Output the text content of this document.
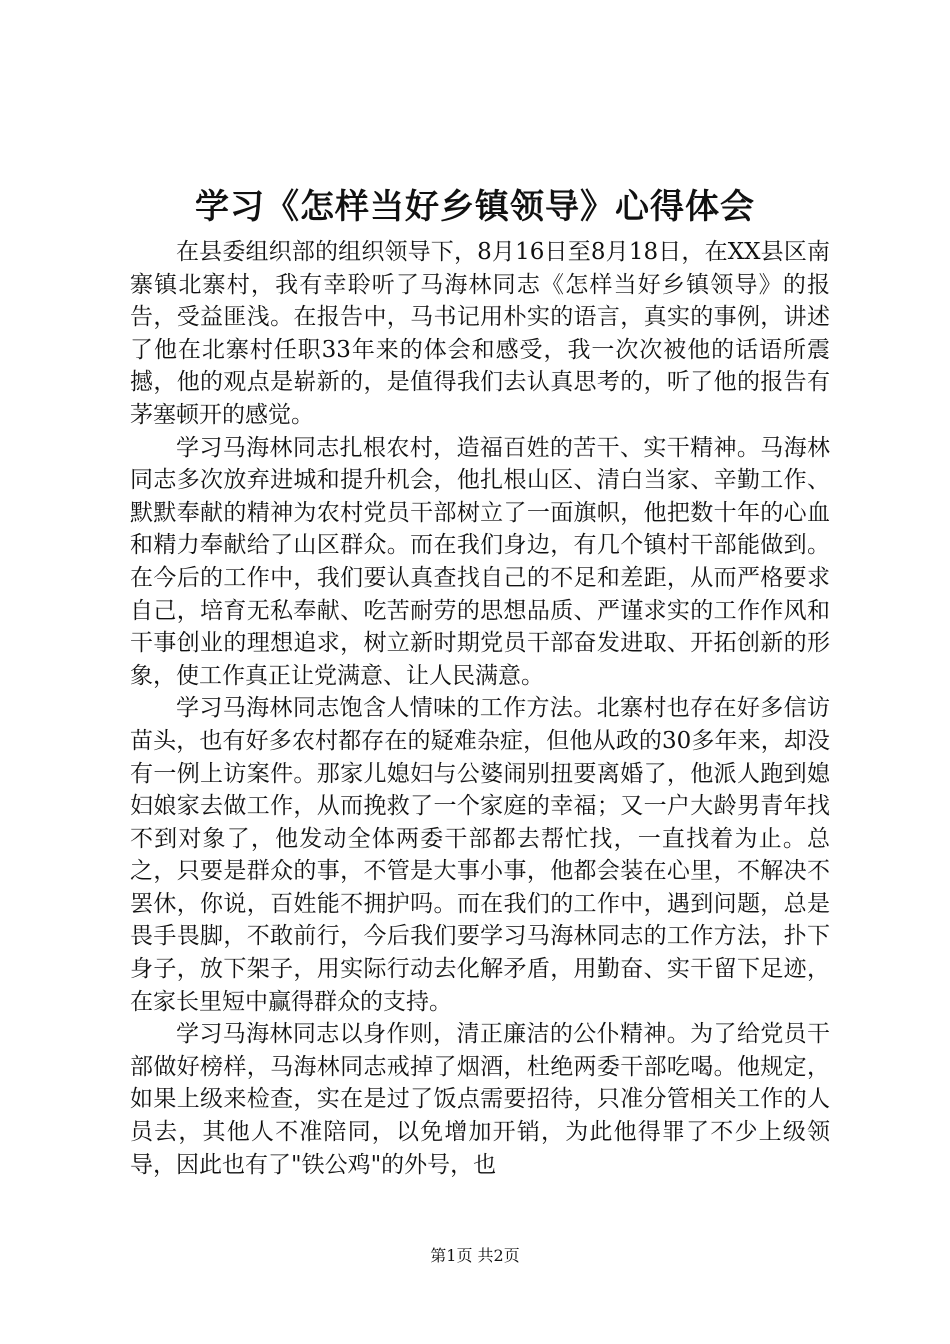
学习《怎样当好乡镇领导》心得体会

在县委组织部的组织领导下，8月16日至8月18日，在XX县区南寨镇北寨村，我有幸聆听了马海林同志《怎样当好乡镇领导》的报告，受益匪浅。在报告中，马书记用朴实的语言，真实的事例，讲述了他在北寨村任职33年来的体会和感受，我一次次被他的话语所震撼，他的观点是崭新的，是值得我们去认真思考的，听了他的报告有茅塞顿开的感觉。

学习马海林同志扎根农村，造福百姓的苦干、实干精神。马海林同志多次放弃进城和提升机会，他扎根山区、清白当家、辛勤工作、默默奉献的精神为农村党员干部树立了一面旗帜，他把数十年的心血和精力奉献给了山区群众。而在我们身边，有几个镇村干部能做到。在今后的工作中，我们要认真查找自己的不足和差距，从而严格要求自己，培育无私奉献、吃苦耐劳的思想品质、严谨求实的工作作风和干事创业的理想追求，树立新时期党员干部奋发进取、开拓创新的形象，使工作真正让党满意、让人民满意。

学习马海林同志饱含人情味的工作方法。北寨村也存在好多信访苗头，也有好多农村都存在的疑难杂症，但他从政的30多年来，却没有一例上访案件。那家儿媳妇与公婆闹别扭要离婚了，他派人跑到媳妇娘家去做工作，从而挽救了一个家庭的幸福；又一户大龄男青年找不到对象了，他发动全体两委干部都去帮忙找，一直找着为止。总之，只要是群众的事，不管是大事小事，他都会装在心里，不解决不罢休，你说，百姓能不拥护吗。而在我们的工作中，遇到问题，总是畏手畏脚，不敢前行，今后我们要学习马海林同志的工作方法，扑下身子，放下架子，用实际行动去化解矛盾，用勤奋、实干留下足迹，在家长里短中赢得群众的支持。

学习马海林同志以身作则，清正廉洁的公仆精神。为了给党员干部做好榜样，马海林同志戒掉了烟酒，杜绝两委干部吃喝。他规定，如果上级来检查，实在是过了饭点需要招待，只准分管相关工作的人员去，其他人不准陪同，以免增加开销，为此他得罪了不少上级领导，因此也有了"铁公鸡"的外号，也

第1页 共2页
